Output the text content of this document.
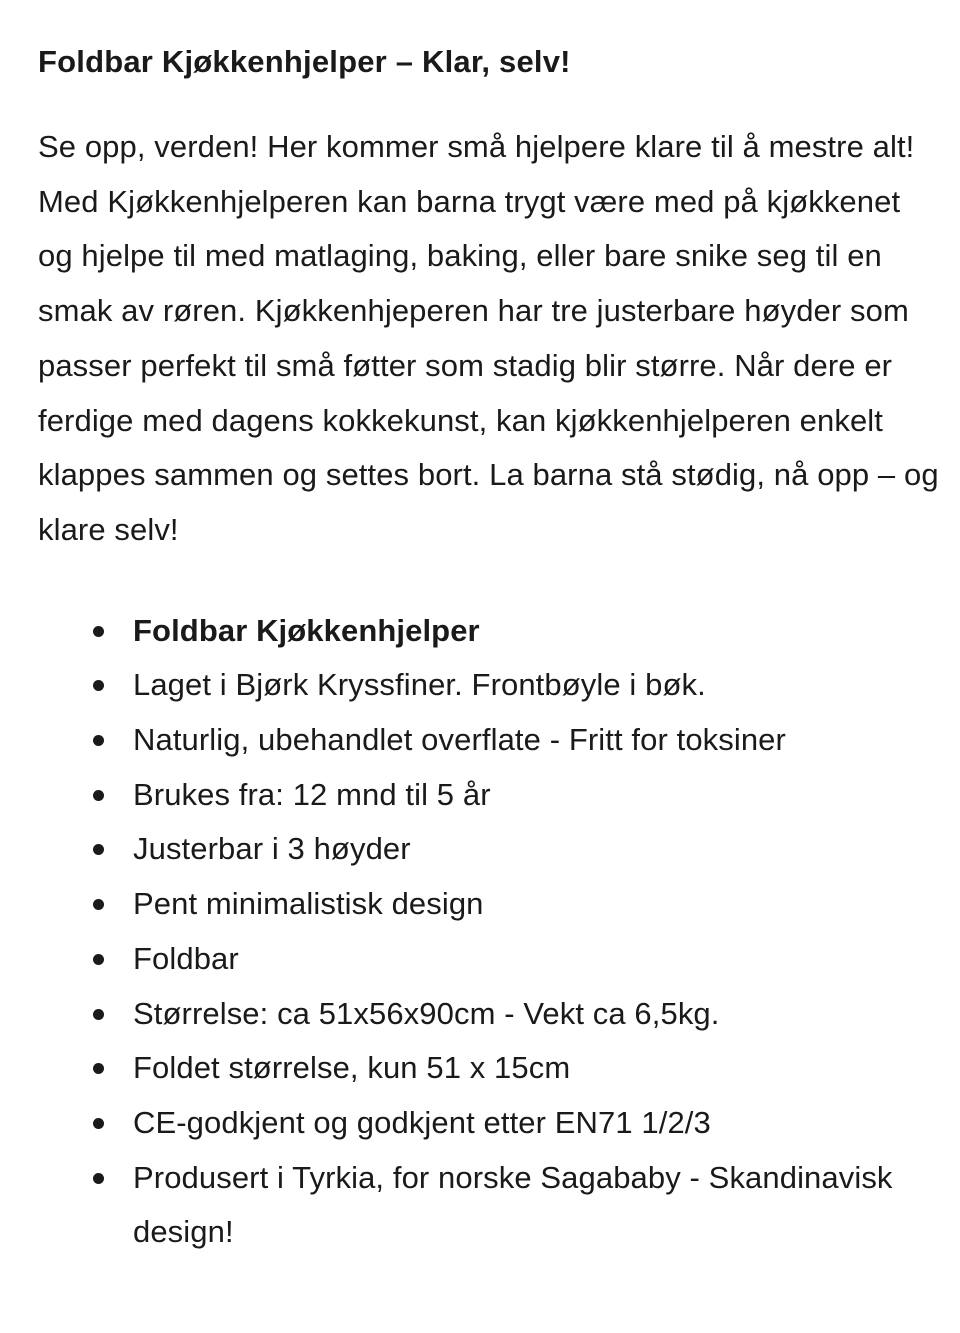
Foldbar Kjøkkenhjelper – Klar, selv!

Se opp, verden! Her kommer små hjelpere klare til å mestre alt! Med Kjøkkenhjelperen kan barna trygt være med på kjøkkenet og hjelpe til med matlaging, baking, eller bare snike seg til en smak av røren. Kjøkkenhjeperen har tre justerbare høyder som passer perfekt til små føtter som stadig blir større. Når dere er ferdige med dagens kokkekunst, kan kjøkkenhjelperen enkelt klappes sammen og settes bort. La barna stå stødig, nå opp – og klare selv!

Foldbar Kjøkkenhjelper
Laget i Bjørk Kryssfiner. Frontbøyle i bøk.
Naturlig, ubehandlet overflate - Fritt for toksiner
Brukes fra: 12 mnd til 5 år
Justerbar i 3 høyder
Pent minimalistisk design
Foldbar
Størrelse: ca 51x56x90cm - Vekt ca 6,5kg.
Foldet størrelse, kun 51 x 15cm
CE-godkjent og godkjent etter EN71 1/2/3
Produsert i Tyrkia, for norske Sagababy - Skandinavisk design!
